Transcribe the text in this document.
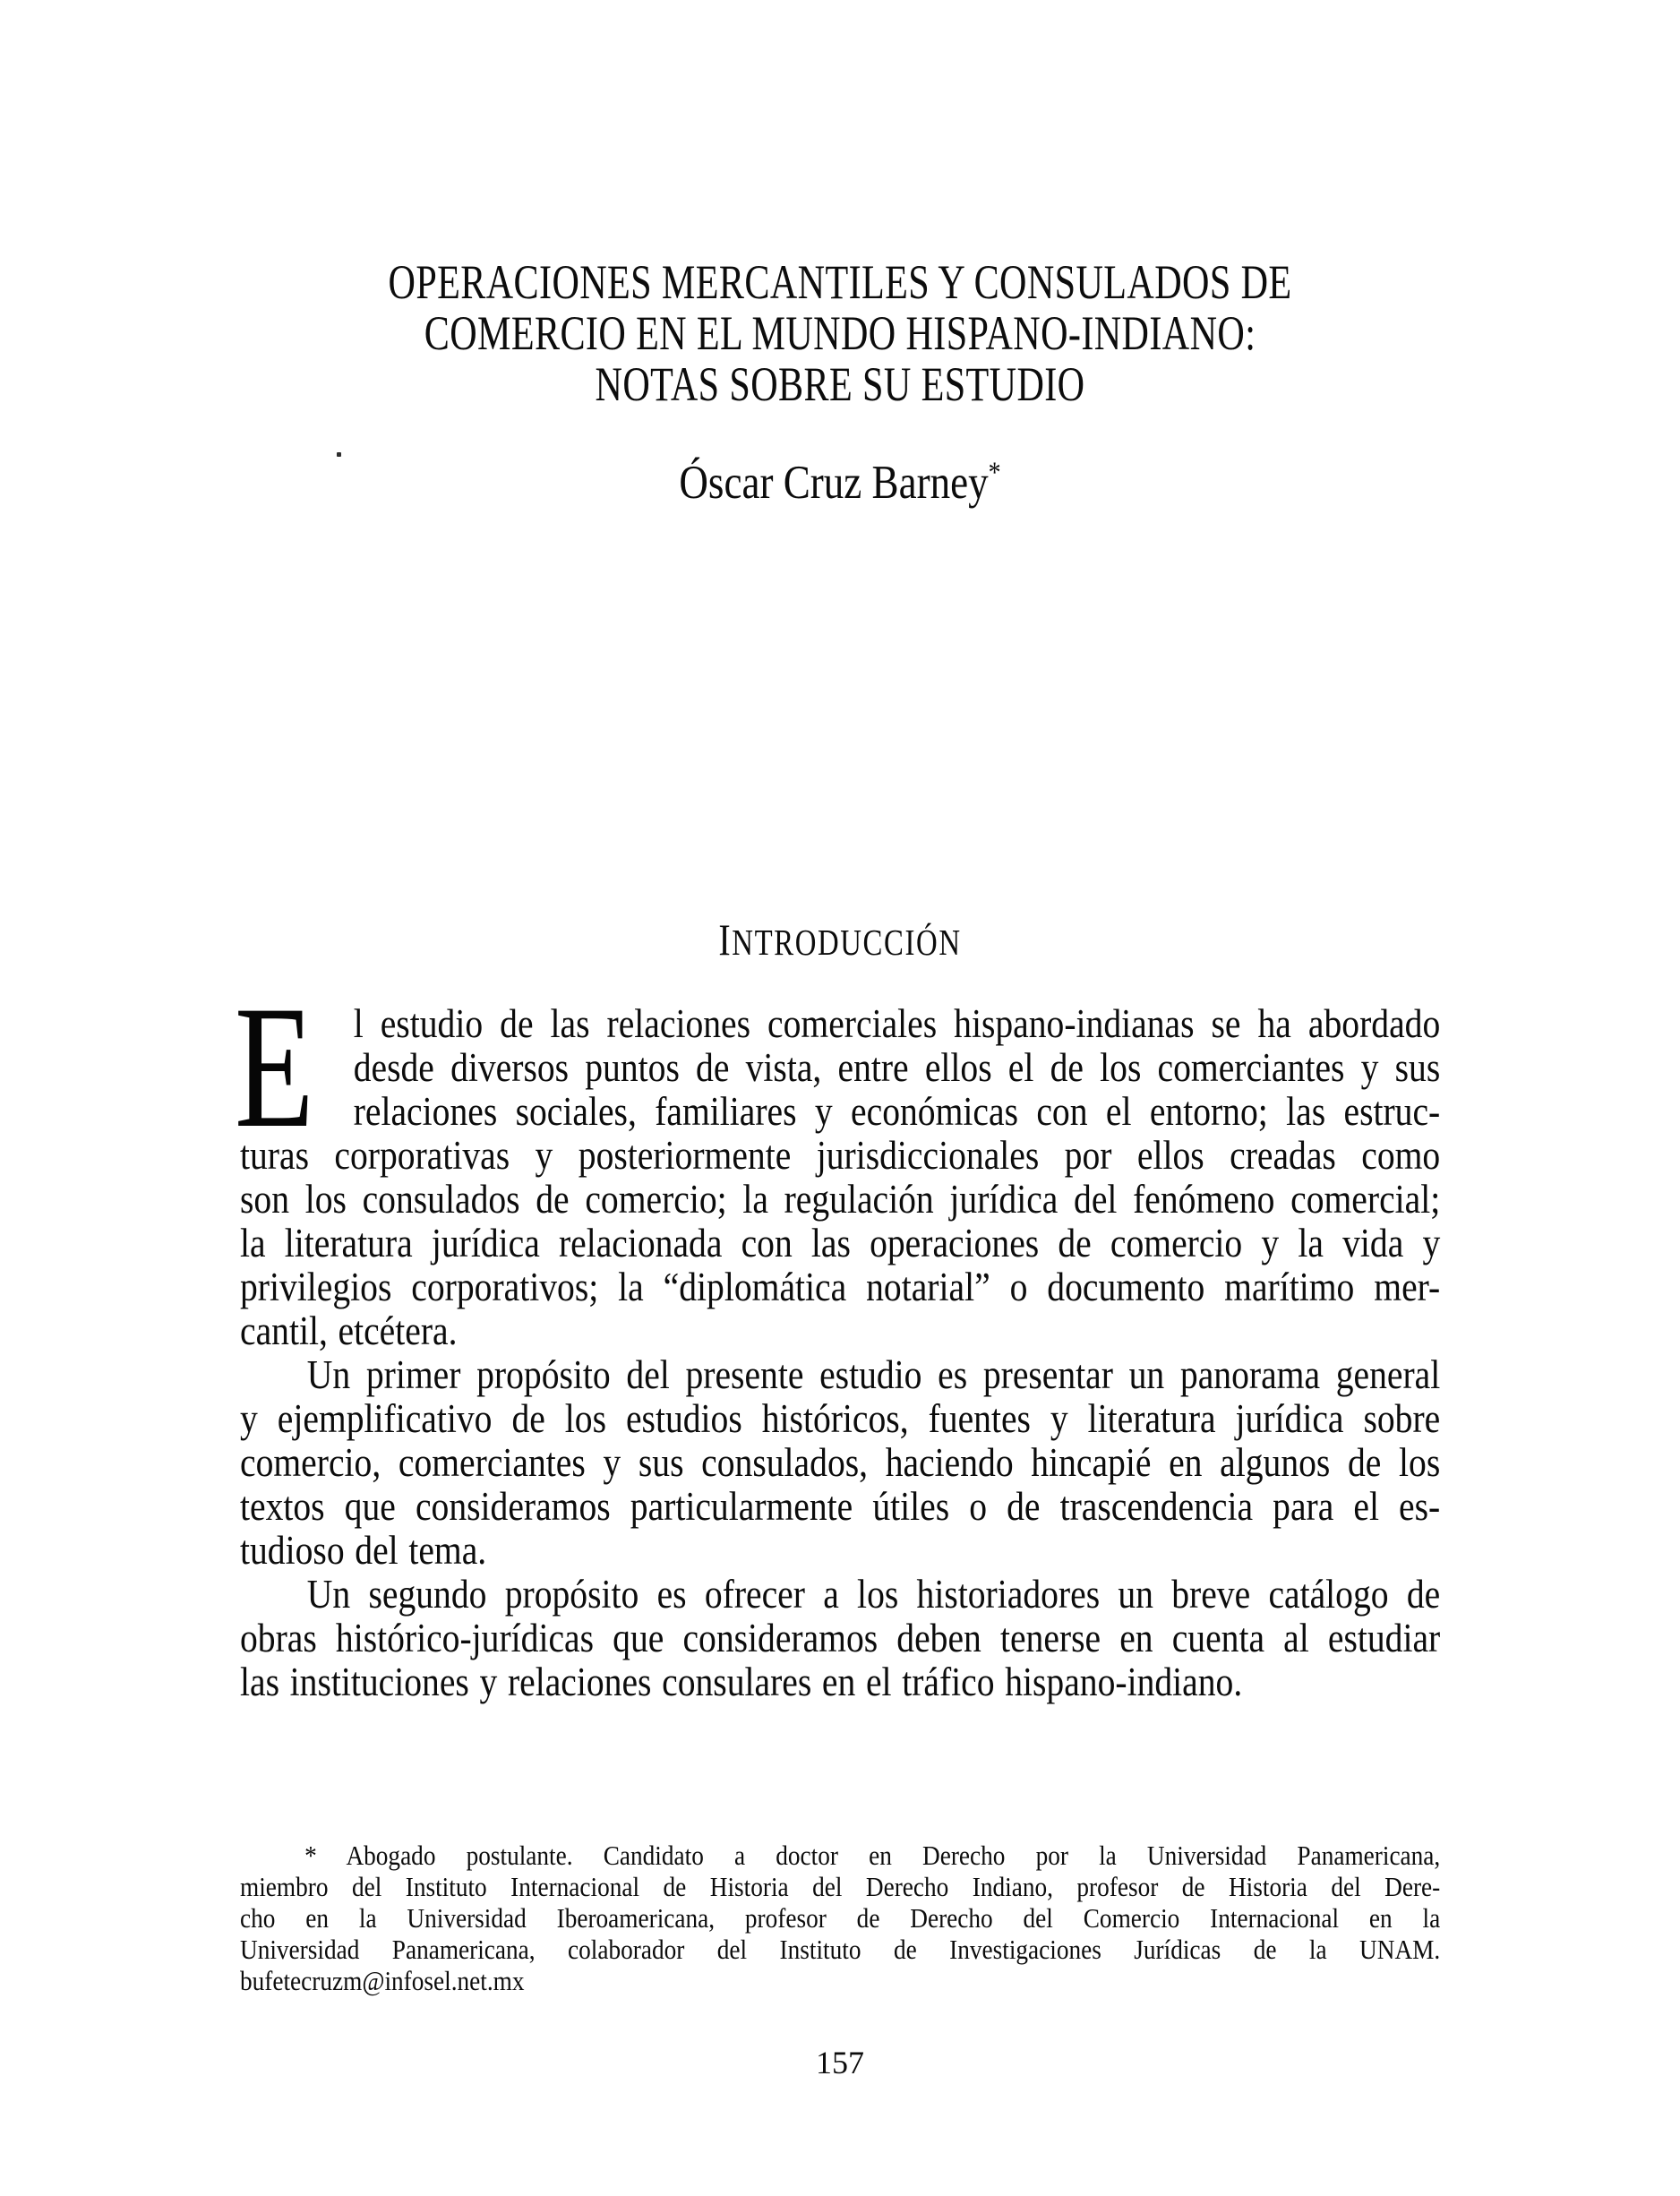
OPERACIONES MERCANTILES Y CONSULADOS DE
COMERCIO EN EL MUNDO HISPANO-INDIANO:
NOTAS SOBRE SU ESTUDIO
Óscar Cruz Barney*
INTRODUCCIÓN
E l estudio de las relaciones comerciales hispano-indianas se ha abordado
desde diversos puntos de vista, entre ellos el de los comerciantes y sus
relaciones sociales, familiares y económicas con el entorno; las estruc-
turas corporativas y posteriormente jurisdiccionales por ellos creadas como
son los consulados de comercio; la regulación jurídica del fenómeno comercial;
la literatura jurídica relacionada con las operaciones de comercio y la vida y
privilegios corporativos; la “diplomática notarial” o documento marítimo mer-
cantil, etcétera.
Un primer propósito del presente estudio es presentar un panorama general
y ejemplificativo de los estudios históricos, fuentes y literatura jurídica sobre
comercio, comerciantes y sus consulados, haciendo hincapié en algunos de los
textos que consideramos particularmente útiles o de trascendencia para el es-
tudioso del tema.
Un segundo propósito es ofrecer a los historiadores un breve catálogo de
obras histórico-jurídicas que consideramos deben tenerse en cuenta al estudiar
las instituciones y relaciones consulares en el tráfico hispano-indiano.
* Abogado postulante. Candidato a doctor en Derecho por la Universidad Panamericana,
miembro del Instituto Internacional de Historia del Derecho Indiano, profesor de Historia del Dere-
cho en la Universidad Iberoamericana, profesor de Derecho del Comercio Internacional en la
Universidad Panamericana, colaborador del Instituto de Investigaciones Jurídicas de la UNAM.
bufetecruzm@infosel.net.mx
157
